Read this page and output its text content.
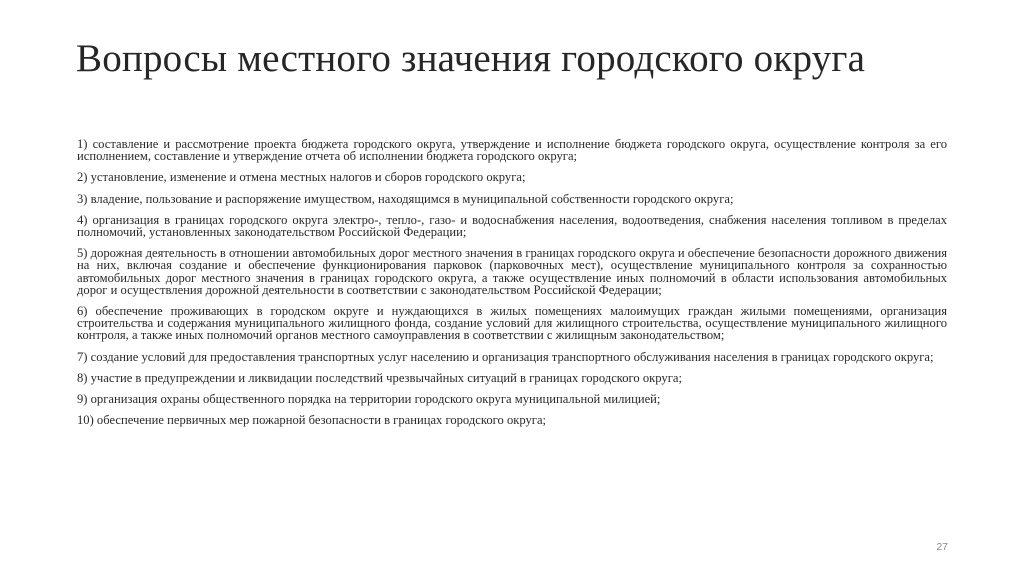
Вопросы местного значения городского округа

1) составление и рассмотрение проекта бюджета городского округа, утверждение и исполнение бюджета городского округа, осуществление контроля за его исполнением, составление и утверждение отчета об исполнении бюджета городского округа;

2) установление, изменение и отмена местных налогов и сборов городского округа;

3) владение, пользование и распоряжение имуществом, находящимся в муниципальной собственности городского округа;

4) организация в границах городского округа электро-, тепло-, газо- и водоснабжения населения, водоотведения, снабжения населения топливом в пределах полномочий, установленных законодательством Российской Федерации;

5) дорожная деятельность в отношении автомобильных дорог местного значения в границах городского округа и обеспечение безопасности дорожного движения на них, включая создание и обеспечение функционирования парковок (парковочных мест), осуществление муниципального контроля за сохранностью автомобильных дорог местного значения в границах городского округа, а также осуществление иных полномочий в области использования автомобильных дорог и осуществления дорожной деятельности в соответствии с законодательством Российской Федерации;

6) обеспечение проживающих в городском округе и нуждающихся в жилых помещениях малоимущих граждан жилыми помещениями, организация строительства и содержания муниципального жилищного фонда, создание условий для жилищного строительства, осуществление муниципального жилищного контроля, а также иных полномочий органов местного самоуправления в соответствии с жилищным законодательством;

7) создание условий для предоставления транспортных услуг населению и организация транспортного обслуживания населения в границах городского округа;

8) участие в предупреждении и ликвидации последствий чрезвычайных ситуаций в границах городского округа;

9) организация охраны общественного порядка на территории городского округа муниципальной милицией;

10) обеспечение первичных мер пожарной безопасности в границах городского округа;

27
